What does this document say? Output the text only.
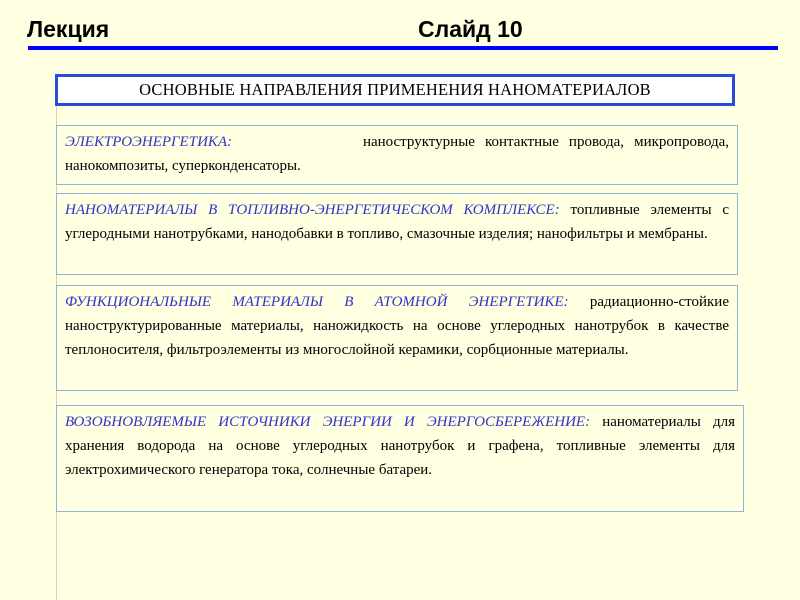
Лекция	Слайд 10
ОСНОВНЫЕ НАПРАВЛЕНИЯ ПРИМЕНЕНИЯ НАНОМАТЕРИАЛОВ
ЭЛЕКТРОЭНЕРГЕТИКА:	наноструктурные контактные провода, микропровода, нанокомпозиты, суперконденсаторы.
НАНОМАТЕРИАЛЫ В ТОПЛИВНО-ЭНЕРГЕТИЧЕСКОМ КОМПЛЕКСЕ: топливные элементы с углеродными нанотрубками, нанодобавки в топливо, смазочные изделия; нанофильтры и мембраны.
ФУНКЦИОНАЛЬНЫЕ МАТЕРИАЛЫ В АТОМНОЙ ЭНЕРГЕТИКЕ: радиационно-стойкие наноструктурированные материалы, наножидкость на основе углеродных нанотрубок в качестве теплоносителя, фильтроэлементы из многослойной керамики, сорбционные материалы.
ВОЗОБНОВЛЯЕМЫЕ ИСТОЧНИКИ ЭНЕРГИИ И ЭНЕРГОСБЕРЕЖЕНИЕ: наноматериалы для хранения водорода на основе углеродных нанотрубок и графена, топливные элементы для электрохимического генератора тока, солнечные батареи.
